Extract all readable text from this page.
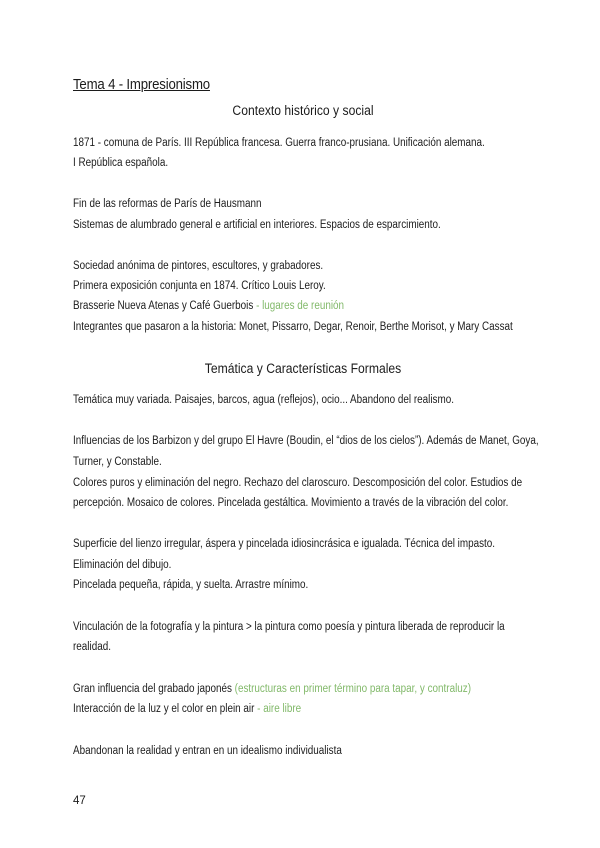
Tema 4 - Impresionismo
Contexto histórico y social
1871 - comuna de París. III República francesa. Guerra franco-prusiana. Unificación alemana.
I República española.
Fin de las reformas de París de Hausmann
Sistemas de alumbrado general e artificial en interiores. Espacios de esparcimiento.
Sociedad anónima de pintores, escultores, y grabadores.
Primera exposición conjunta en 1874. Crítico Louis Leroy.
Brasserie Nueva Atenas y Café Guerbois - lugares de reunión
Integrantes que pasaron a la historia: Monet, Pissarro, Degar, Renoir, Berthe Morisot, y Mary Cassat
Temática y Características Formales
Temática muy variada. Paisajes, barcos, agua (reflejos), ocio... Abandono del realismo.
Influencias de los Barbizon y del grupo El Havre (Boudin, el “dios de los cielos”). Además de Manet, Goya,
Turner, y Constable.
Colores puros y eliminación del negro. Rechazo del claroscuro. Descomposición del color. Estudios de
percepción. Mosaico de colores. Pincelada gestáltica. Movimiento a través de la vibración del color.
Superficie del lienzo irregular, áspera y pincelada idiosincrásica e igualada. Técnica del impasto.
Eliminación del dibujo.
Pincelada pequeña, rápida, y suelta. Arrastre mínimo.
Vinculación de la fotografía y la pintura > la pintura como poesía y pintura liberada de reproducir la
realidad.
Gran influencia del grabado japonés (estructuras en primer término para tapar, y contraluz)
Interacción de la luz y el color en plein air - aire libre
Abandonan la realidad y entran en un idealismo individualista
47
